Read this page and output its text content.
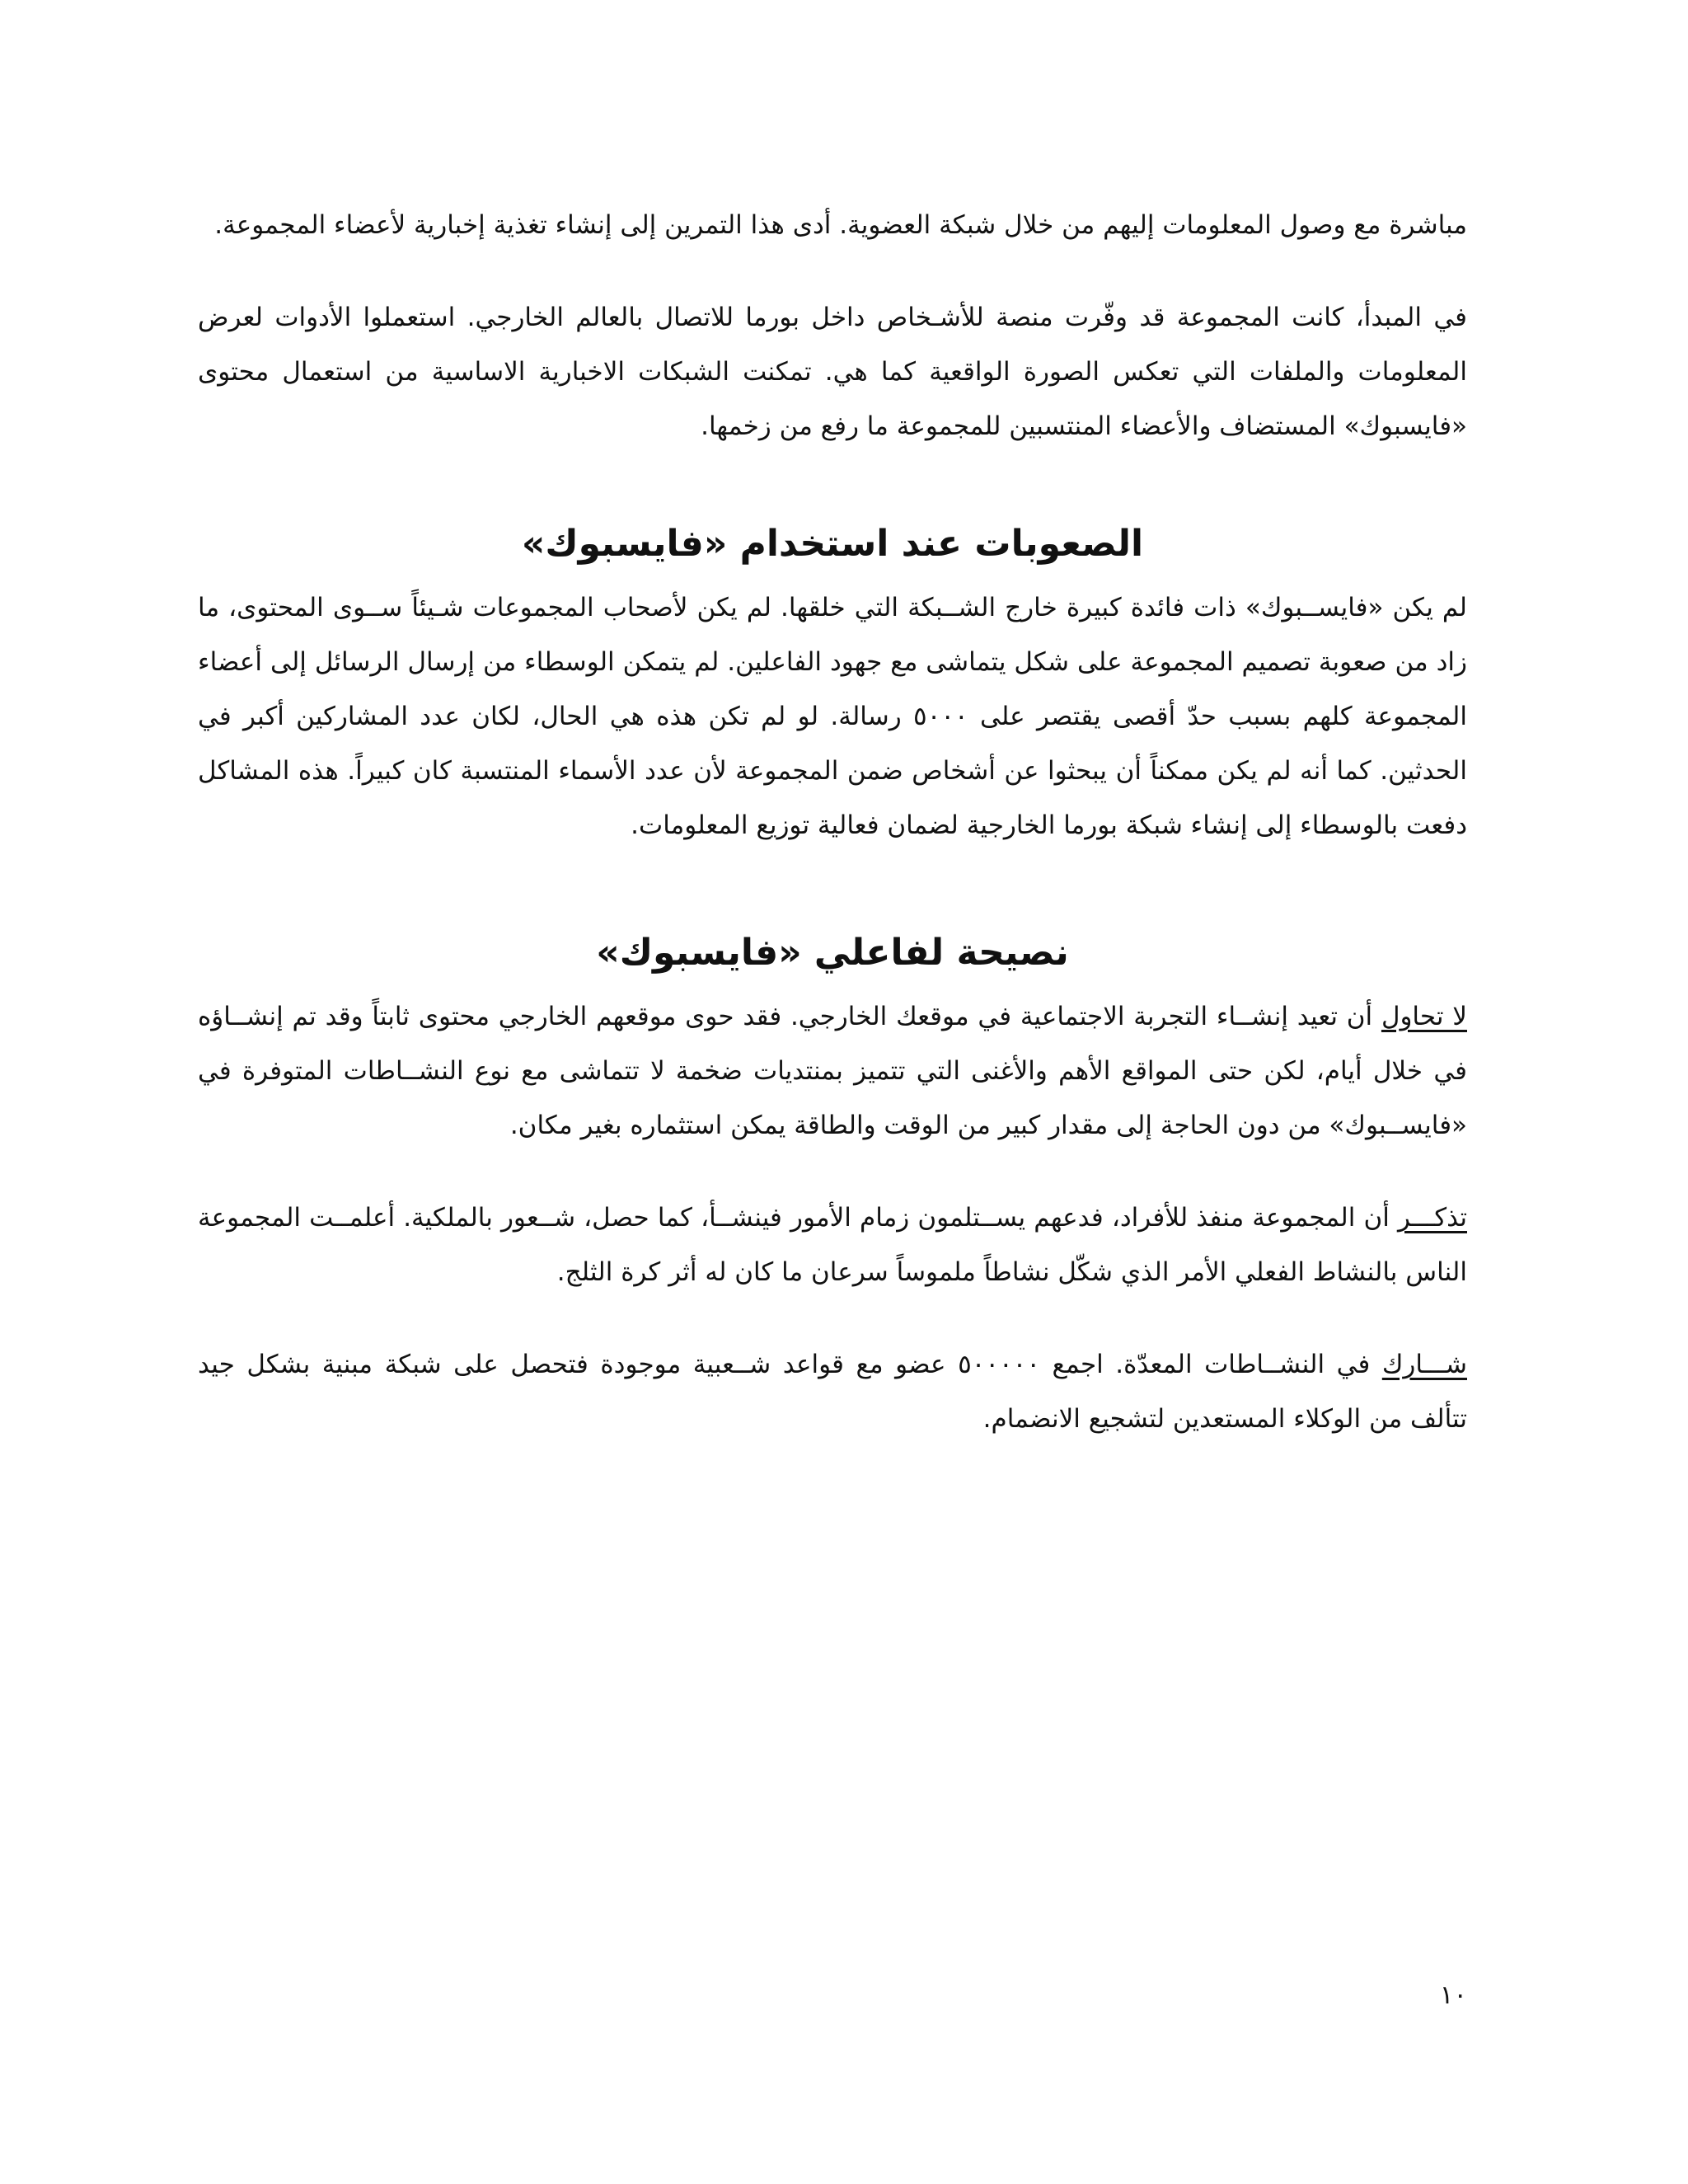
مباشرة مع وصول المعلومات إليهم من خلال شبكة العضوية. أدى هذا التمرين إلى إنشاء تغذية إخبارية لأعضاء المجموعة.

في المبدأ، كانت المجموعة قد وفّرت منصة للأشـخاص داخل بورما للاتصال بالعالم الخارجي. استعملوا الأدوات لعرض المعلومات والملفات التي تعكس الصورة الواقعية كما هي. تمكنت الشبكات الاخبارية الاساسية من استعمال محتوى «فايسبوك» المستضاف والأعضاء المنتسبين للمجموعة ما رفع من زخمها.

الصعوبات عند استخدام «فايسبوك»

لم يكن «فايســبوك» ذات فائدة كبيرة خارج الشــبكة التي خلقها. لم يكن لأصحاب المجموعات شـيئاً ســوى المحتوى، ما زاد من صعوبة تصميم المجموعة على شكل يتماشى مع جهود الفاعلين. لم يتمكن الوسطاء من إرسال الرسائل إلى أعضاء المجموعة كلهم بسبب حدّ أقصى يقتصر على ٥٠٠٠ رسالة. لو لم تكن هذه هي الحال، لكان عدد المشاركين أكبر في الحدثين. كما أنه لم يكن ممكناً أن يبحثوا عن أشخاص ضمن المجموعة لأن عدد الأسماء المنتسبة كان كبيراً. هذه المشاكل دفعت بالوسطاء إلى إنشاء شبكة بورما الخارجية لضمان فعالية توزيع المعلومات.

نصيحة لفاعلي «فايسبوك»

لا تحاول أن تعيد إنشــاء التجربة الاجتماعية في موقعك الخارجي. فقد حوى موقعهم الخارجي محتوى ثابتاً وقد تم إنشــاؤه في خلال أيام، لكن حتى المواقع الأهم والأغنى التي تتميز بمنتديات ضخمة لا تتماشى مع نوع النشــاطات المتوفرة في «فايســبوك» من دون الحاجة إلى مقدار كبير من الوقت والطاقة يمكن استثماره بغير مكان.

تذكـــر أن المجموعة منفذ للأفراد، فدعهم يســتلمون زمام الأمور فينشــأ، كما حصل، شــعور بالملكية. أعلمــت المجموعة الناس بالنشاط الفعلي الأمر الذي شكّل نشاطاً ملموساً سرعان ما كان له أثر كرة الثلج.

شـــارك في النشــاطات المعدّة. اجمع ٥٠٠٠٠٠ عضو مع قواعد شــعبية موجودة فتحصل على شبكة مبنية بشكل جيد تتألف من الوكلاء المستعدين لتشجيع الانضمام.

١٠
